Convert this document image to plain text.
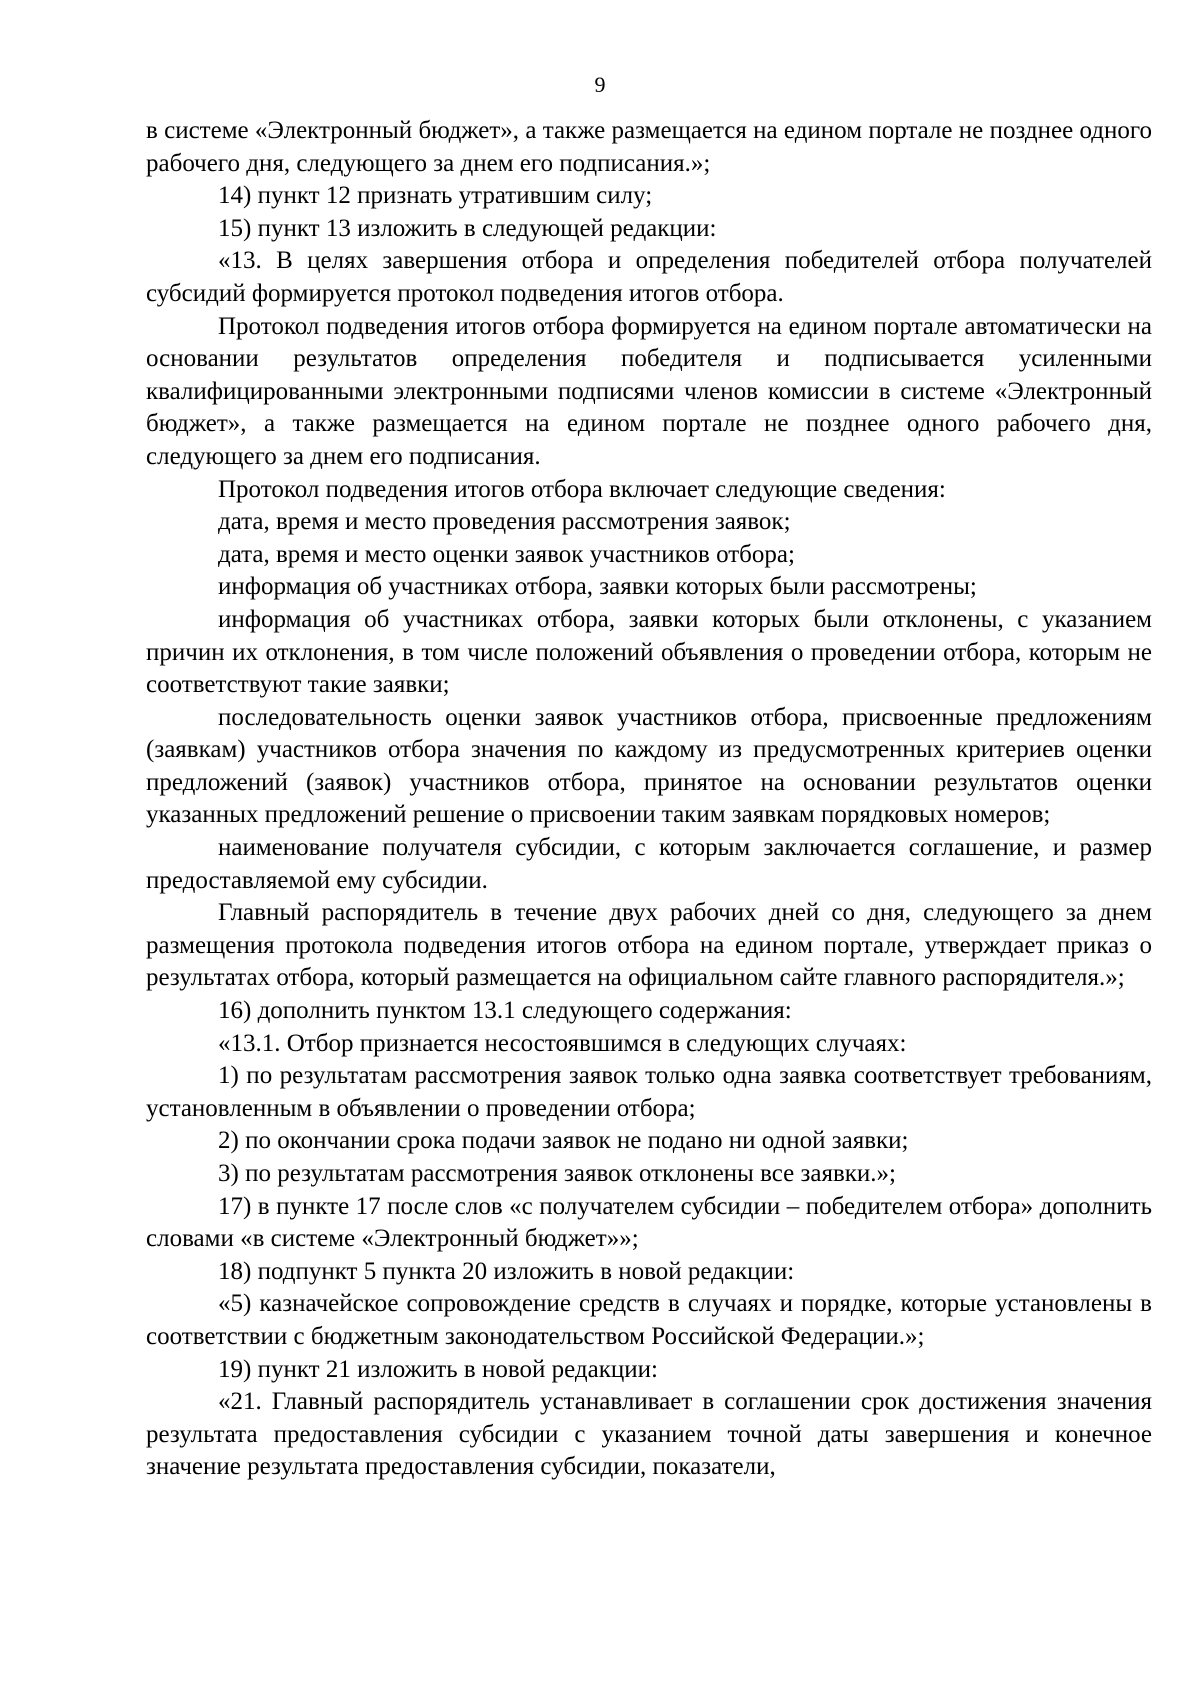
9

в системе «Электронный бюджет», а также размещается на едином портале не позднее одного рабочего дня, следующего за днем его подписания.»;

14) пункт 12 признать утратившим силу;

15) пункт 13 изложить в следующей редакции:

«13. В целях завершения отбора и определения победителей отбора получателей субсидий формируется протокол подведения итогов отбора.

Протокол подведения итогов отбора формируется на едином портале автоматически на основании результатов определения победителя и подписывается усиленными квалифицированными электронными подписями членов комиссии в системе «Электронный бюджет», а также размещается на едином портале не позднее одного рабочего дня, следующего за днем его подписания.

Протокол подведения итогов отбора включает следующие сведения:

дата, время и место проведения рассмотрения заявок;

дата, время и место оценки заявок участников отбора;

информация об участниках отбора, заявки которых были рассмотрены;

информация об участниках отбора, заявки которых были отклонены, с указанием причин их отклонения, в том числе положений объявления о проведении отбора, которым не соответствуют такие заявки;

последовательность оценки заявок участников отбора, присвоенные предложениям (заявкам) участников отбора значения по каждому из предусмотренных критериев оценки предложений (заявок) участников отбора, принятое на основании результатов оценки указанных предложений решение о присвоении таким заявкам порядковых номеров;

наименование получателя субсидии, с которым заключается соглашение, и размер предоставляемой ему субсидии.

Главный распорядитель в течение двух рабочих дней со дня, следующего за днем размещения протокола подведения итогов отбора на едином портале, утверждает приказ о результатах отбора, который размещается на официальном сайте главного распорядителя.»;

16) дополнить пунктом 13.1 следующего содержания:

«13.1. Отбор признается несостоявшимся в следующих случаях:

1) по результатам рассмотрения заявок только одна заявка соответствует требованиям, установленным в объявлении о проведении отбора;

2) по окончании срока подачи заявок не подано ни одной заявки;

3) по результатам рассмотрения заявок отклонены все заявки.»;

17) в пункте 17 после слов «с получателем субсидии – победителем отбора» дополнить словами «в системе «Электронный бюджет»»;

18) подпункт 5 пункта 20 изложить в новой редакции:

«5) казначейское сопровождение средств в случаях и порядке, которые установлены в соответствии с бюджетным законодательством Российской Федерации.»;

19) пункт 21 изложить в новой редакции:

«21. Главный распорядитель устанавливает в соглашении срок достижения значения результата предоставления субсидии с указанием точной даты завершения и конечное значение результата предоставления субсидии, показатели,
